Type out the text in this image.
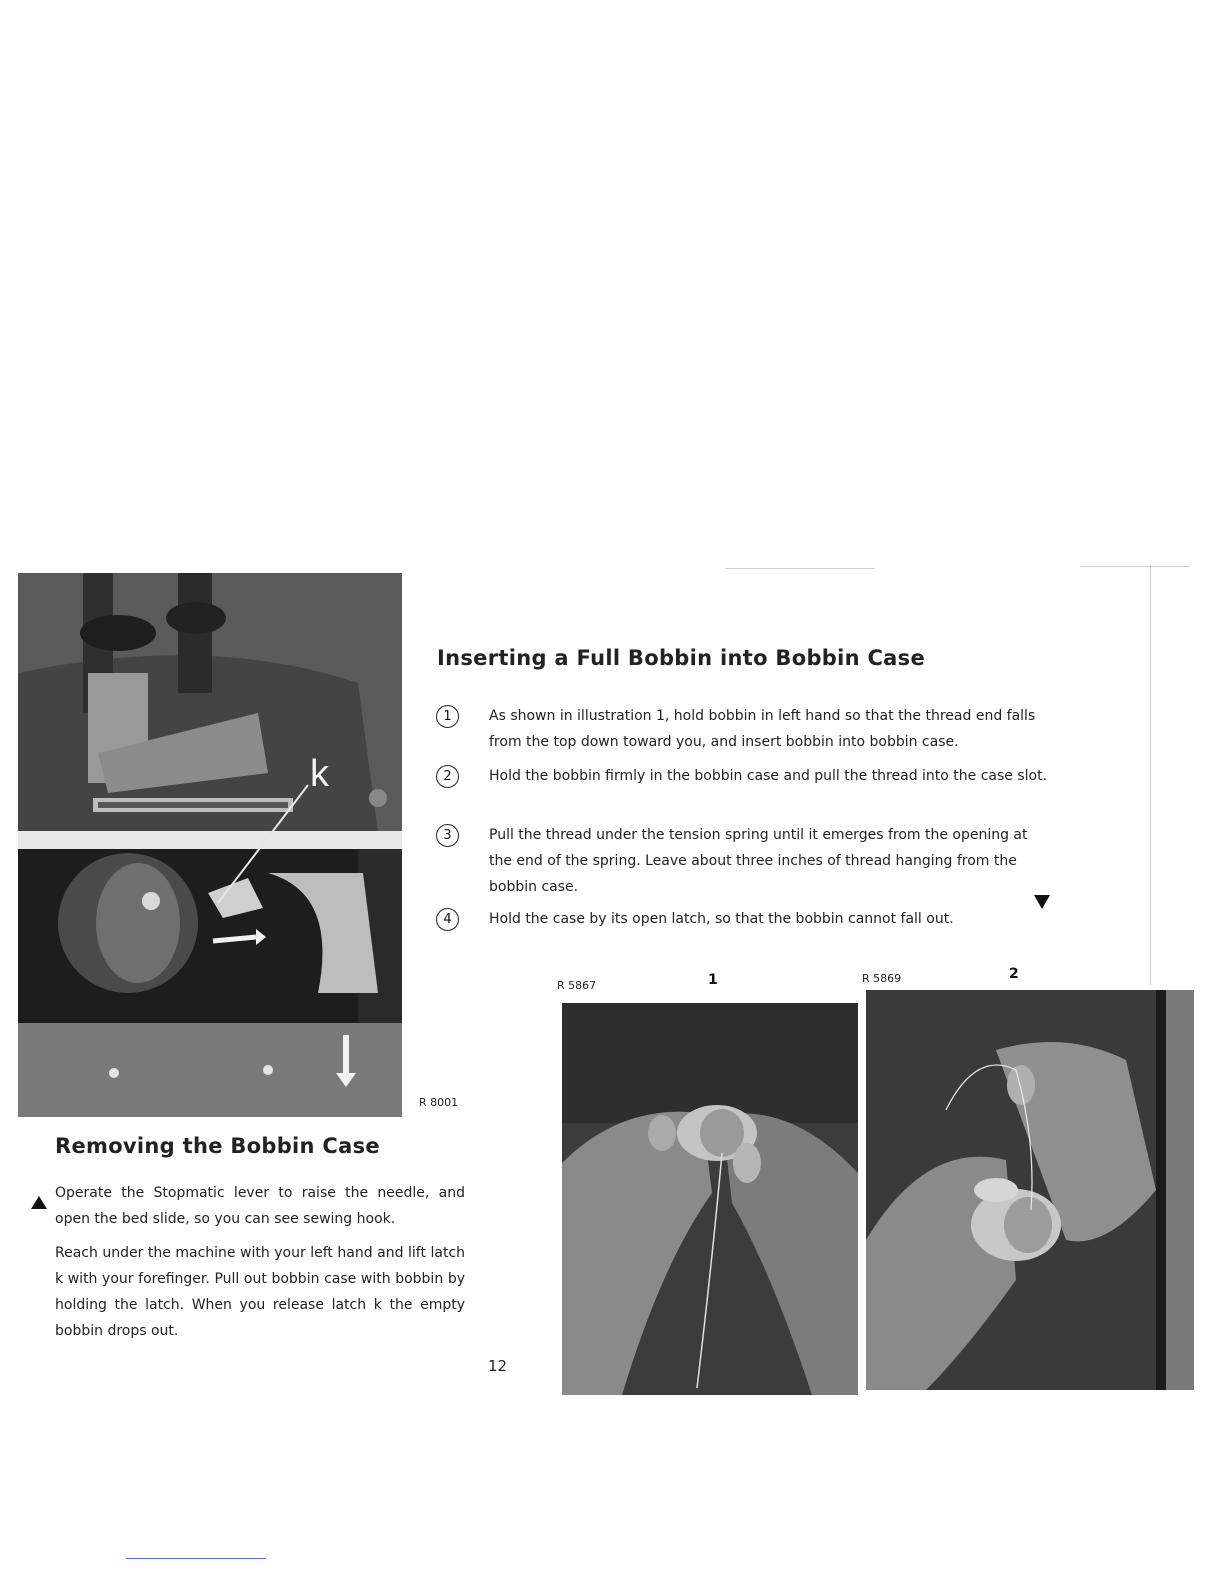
k
R 8001
Removing the Bobbin Case
Operate the Stopmatic lever to raise the needle, and open the bed slide, so you can see sewing hook.
Reach under the machine with your left hand and lift latch k with your forefinger. Pull out bobbin case with bobbin by holding the latch. When you release latch k the empty bobbin drops out.
Inserting a Full Bobbin into Bobbin Case
1	As shown in illustration 1, hold bobbin in left hand so that the thread end falls from the top down toward you, and insert bobbin into bobbin case.
2	Hold the bobbin firmly in the bobbin case and pull the thread into the case slot.
3	Pull the thread under the tension spring until it emerges from the opening at the end of the spring. Leave about three inches of thread hanging from the bobbin case.
4	Hold the case by its open latch, so that the bobbin cannot fall out.
R 5867	1	R 5869	2
12
